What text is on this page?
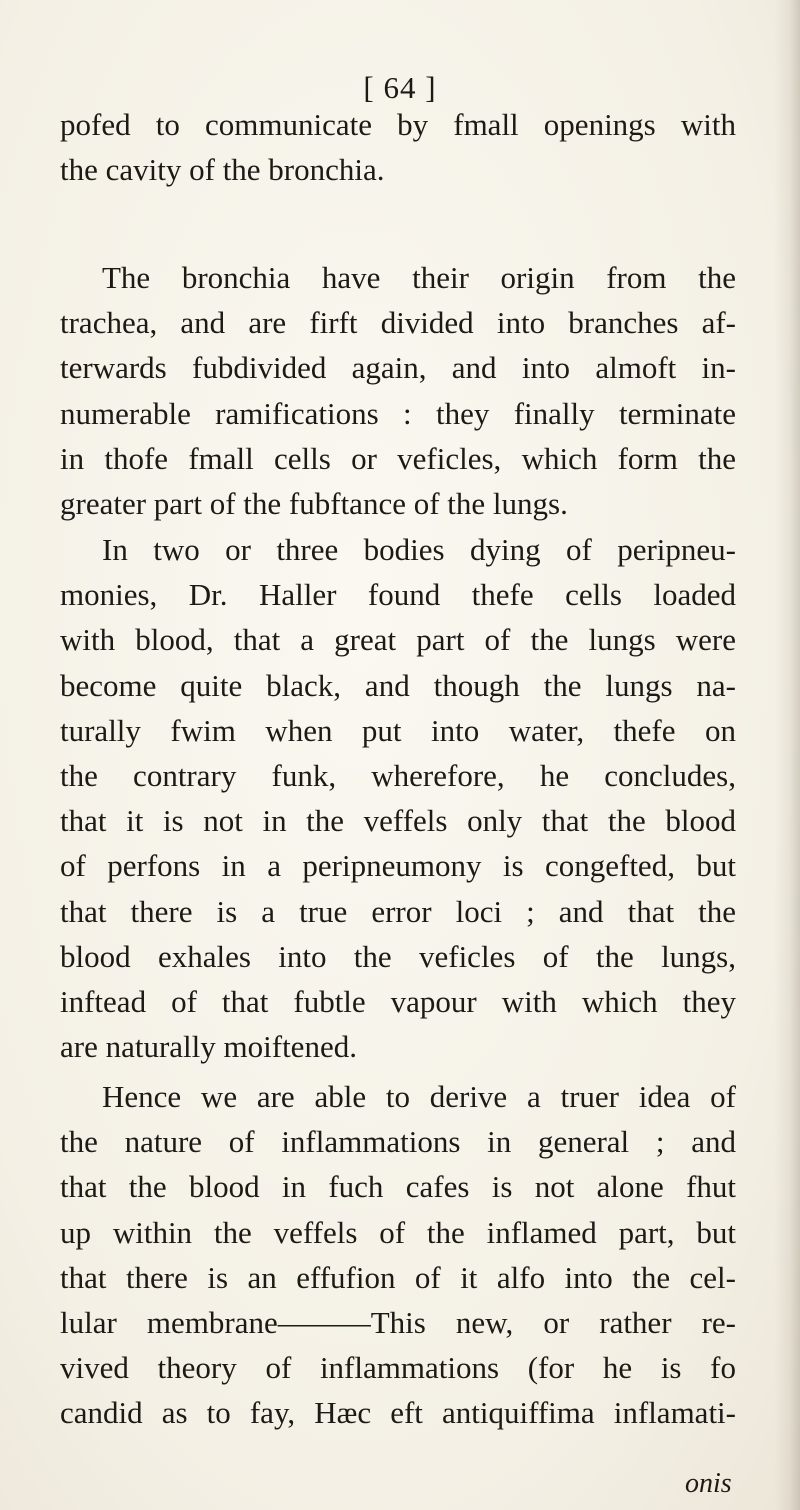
[ 64 ]
pofed to communicate by fmall openings with
the cavity of the bronchia.
The bronchia have their origin from the
trachea, and are firft divided into branches af-
terwards fubdivided again, and into almoft in-
numerable ramifications : they finally terminate
in thofe fmall cells or veficles, which form the
greater part of the fubftance of the lungs.
In two or three bodies dying of peripneu-
monies, Dr. Haller found thefe cells loaded
with blood, that a great part of the lungs were
become quite black, and though the lungs na-
turally fwim when put into water, thefe on
the contrary funk, wherefore, he concludes,
that it is not in the veffels only that the blood
of perfons in a peripneumony is congefted, but
that there is a true error loci ; and that the
blood exhales into the veficles of the lungs,
inftead of that fubtle vapour with which they
are naturally moiftened.
Hence we are able to derive a truer idea of
the nature of inflammations in general ; and
that the blood in fuch cafes is not alone fhut
up within the veffels of the inflamed part, but
that there is an effufion of it alfo into the cel-
lular membrane———This new, or rather re-
vived theory of inflammations (for he is fo
candid as to fay, Hæc eft antiquiffima inflamati-
onis
